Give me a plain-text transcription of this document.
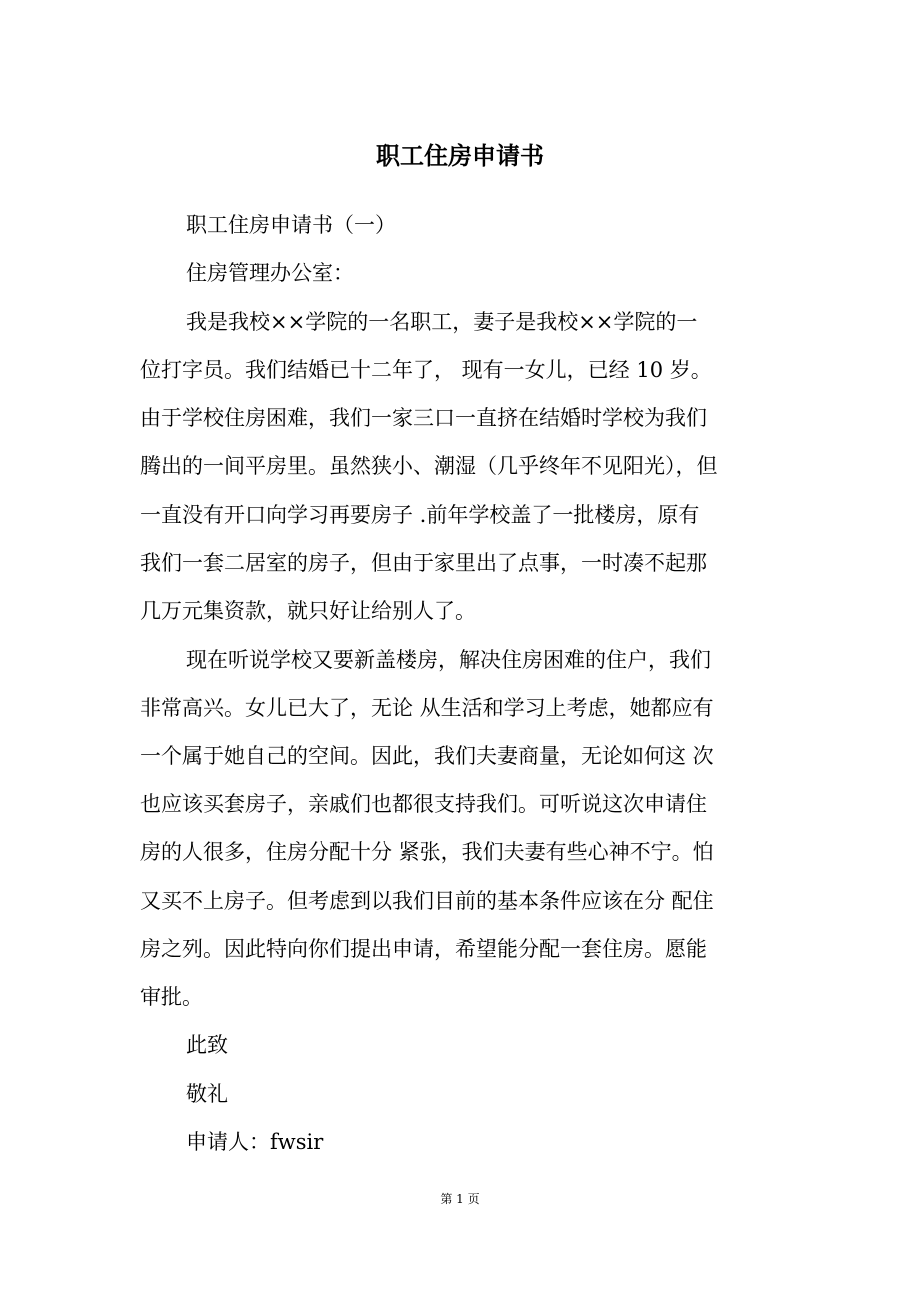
职工住房申请书
职工住房申请书（一）
住房管理办公室：
我是我校××学院的一名职工，妻子是我校××学院的一
位打字员。我们结婚已十二年了， 现有一女儿，已经 10 岁。
由于学校住房困难，我们一家三口一直挤在结婚时学校为我们
腾出的一间平房里。虽然狭小、潮湿（几乎终年不见阳光），但
一直没有开口向学习再要房子 .前年学校盖了一批楼房，原有
我们一套二居室的房子，但由于家里出了点事，一时凑不起那
几万元集资款，就只好让给别人了。
现在听说学校又要新盖楼房，解决住房困难的住户，我们
非常高兴。女儿已大了，无论 从生活和学习上考虑，她都应有
一个属于她自己的空间。因此，我们夫妻商量，无论如何这 次
也应该买套房子，亲戚们也都很支持我们。可听说这次申请住
房的人很多，住房分配十分 紧张，我们夫妻有些心神不宁。怕
又买不上房子。但考虑到以我们目前的基本条件应该在分 配住
房之列。因此特向你们提出申请，希望能分配一套住房。愿能
审批。
此致
敬礼
申请人：fwsir
第 1 页
